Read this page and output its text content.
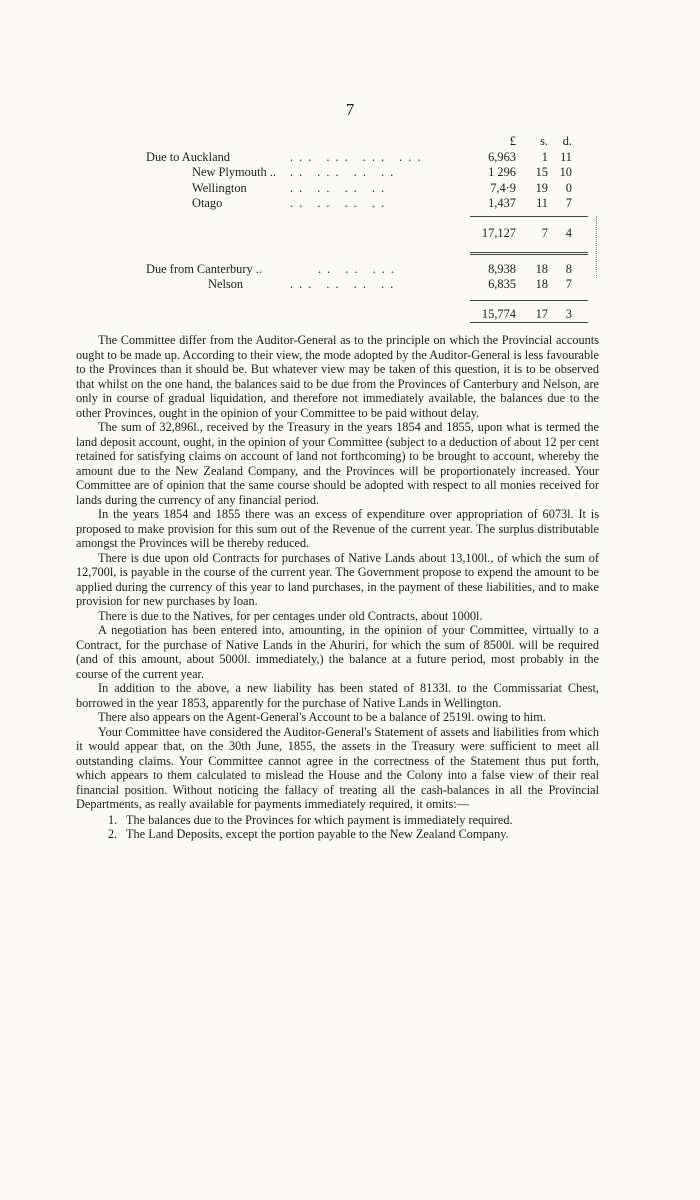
7
£	s.	d.
Due to Auckland	... ... ... ...	6,963	1 11
New Plymouth .. .. ... .. ..	1 296	15 10
Wellington	.. .. .. ..	7,4·9	19	0
Otago	.. .. .. ..	1,437	11	7
17,127	7	4
Due from Canterbury ..	.. .. ...	8,938	18	8
Nelson	... .. .. ..	6,835	18	7
15,774	17	3

The Committee differ from the Auditor-General as to the principle on which the Provincial accounts ought to be made up. According to their view, the mode adopted by the Auditor-General is less favourable to the Provinces than it should be. But whatever view may be taken of this question, it is to be observed that whilst on the one hand, the balances said to be due from the Provinces of Canterbury and Nelson, are only in course of gradual liquidation, and therefore not immediately available, the balances due to the other Provinces, ought in the opinion of your Committee to be paid without delay.

The sum of 32,896l., received by the Treasury in the years 1854 and 1855, upon what is termed the land deposit account, ought, in the opinion of your Committee (subject to a deduction of about 12 per cent retained for satisfying claims on account of land not forthcoming) to be brought to account, whereby the amount due to the New Zealand Company, and the Provinces will be proportionately increased. Your Committee are of opinion that the same course should be adopted with respect to all monies received for lands during the currency of any financial period.

In the years 1854 and 1855 there was an excess of expenditure over appropriation of 6073l. It is proposed to make provision for this sum out of the Revenue of the current year. The surplus distributable amongst the Provinces will be thereby reduced.

There is due upon old Contracts for purchases of Native Lands about 13,100l., of which the sum of 12,700l, is payable in the course of the current year. The Government propose to expend the amount to be applied during the currency of this year to land purchases, in the payment of these liabilities, and to make provision for new purchases by loan.

There is due to the Natives, for per centages under old Contracts, about 1000l.

A negotiation has been entered into, amounting, in the opinion of your Committee, virtually to a Contract, for the purchase of Native Lands in the Ahuriri, for which the sum of 8500l. will be required (and of this amount, about 5000l. immediately,) the balance at a future period, most probably in the course of the current year.

In addition to the above, a new liability has been stated of 8133l. to the Commissariat Chest, borrowed in the year 1853, apparently for the purchase of Native Lands in Wellington.

There also appears on the Agent-General's Account to be a balance of 2519l. owing to him.

Your Committee have considered the Auditor-General's Statement of assets and liabilities from which it would appear that, on the 30th June, 1855, the assets in the Treasury were sufficient to meet all outstanding claims. Your Committee cannot agree in the correctness of the Statement thus put forth, which appears to them calculated to mislead the House and the Colony into a false view of their real financial position. Without noticing the fallacy of treating all the cash-balances in all the Provincial Departments, as really available for payments immediately required, it omits:—

1. The balances due to the Provinces for which payment is immediately required.
2. The Land Deposits, except the portion payable to the New Zealand Company.
